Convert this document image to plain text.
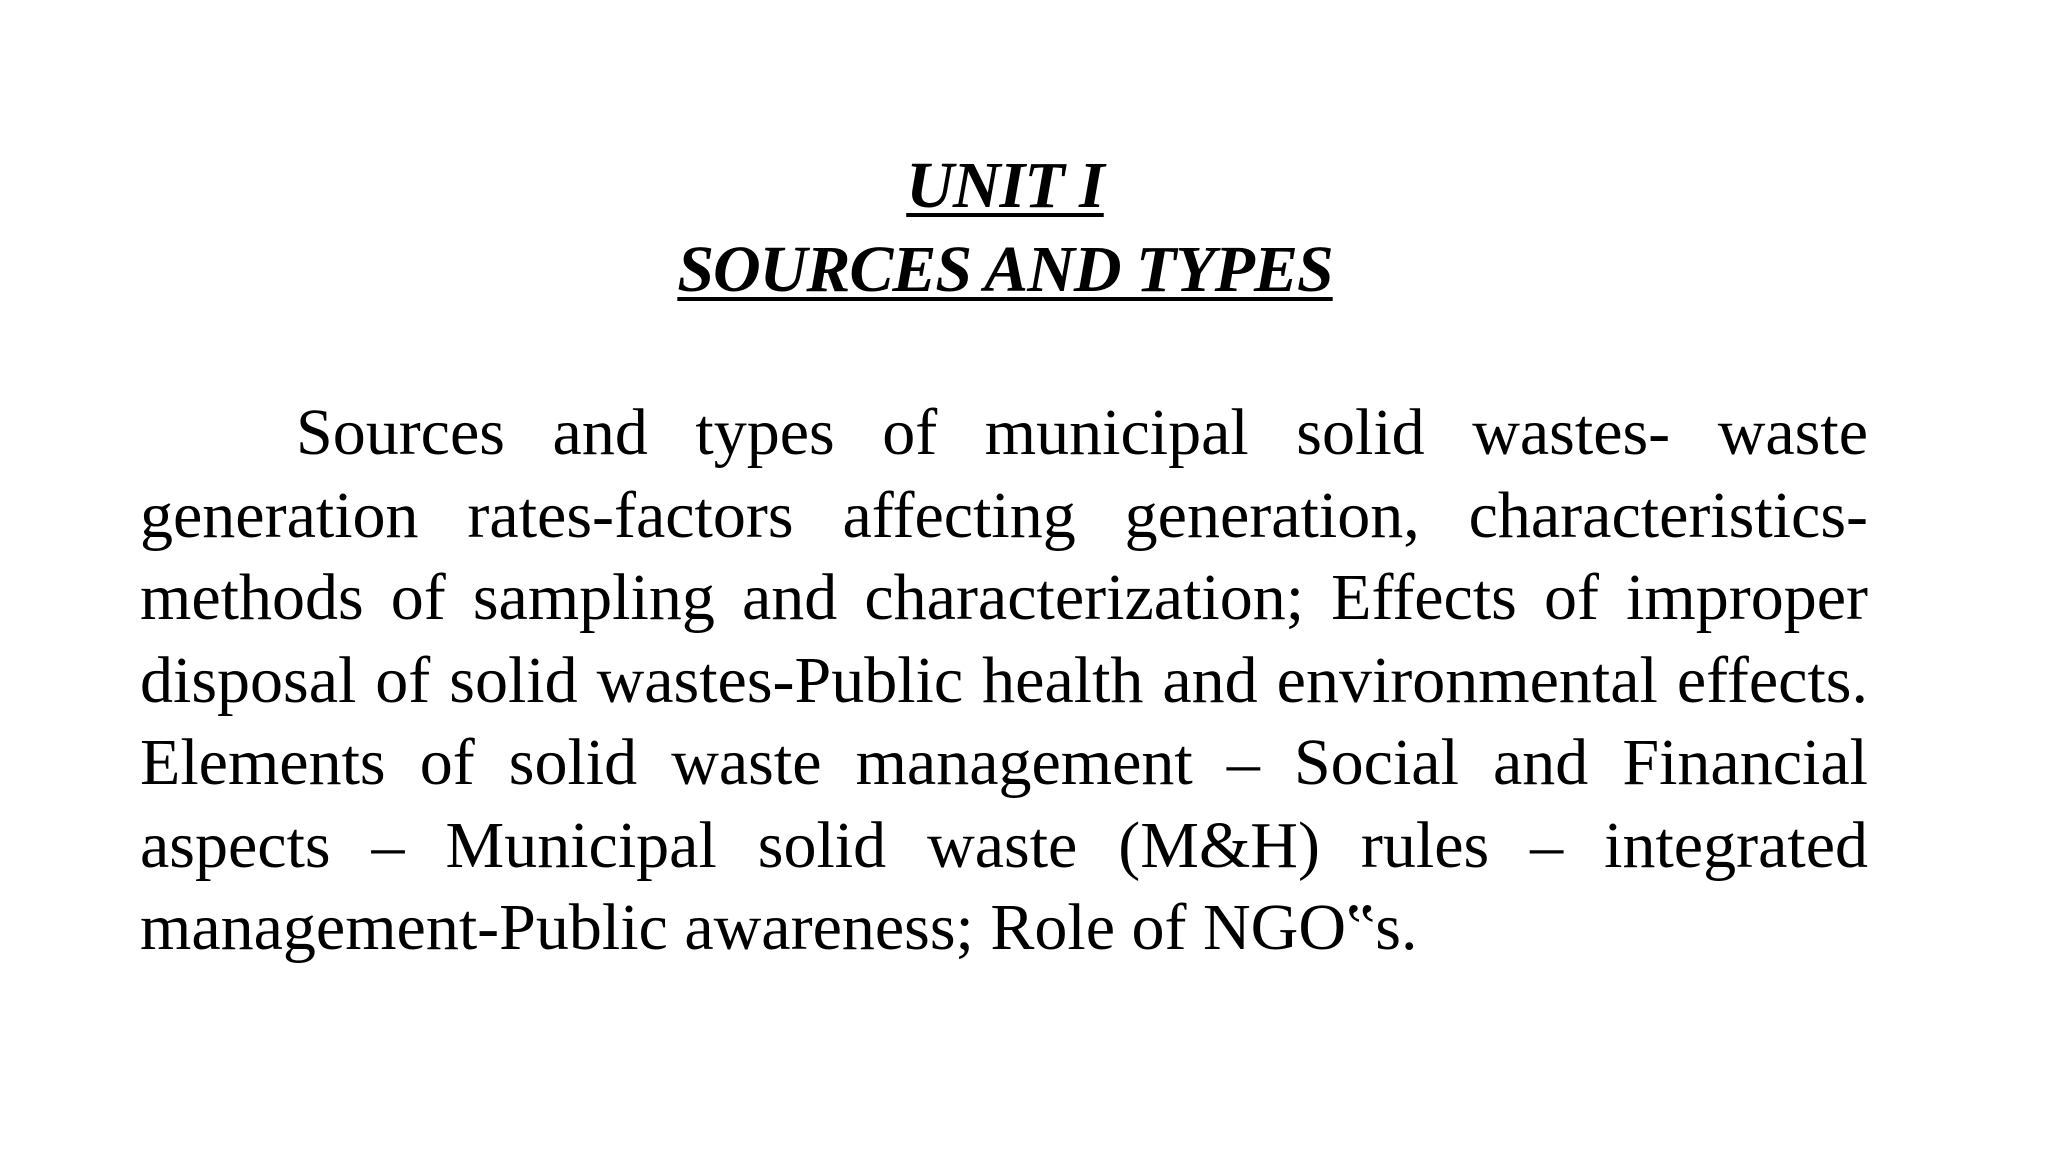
UNIT I
SOURCES AND TYPES

Sources and types of municipal solid wastes- waste generation rates-factors affecting generation, characteristics-methods of sampling and characterization; Effects of improper disposal of solid wastes-Public health and environmental effects. Elements of solid waste management – Social and Financial aspects – Municipal solid waste (M&H) rules – integrated management-Public awareness; Role of NGO‟s.
